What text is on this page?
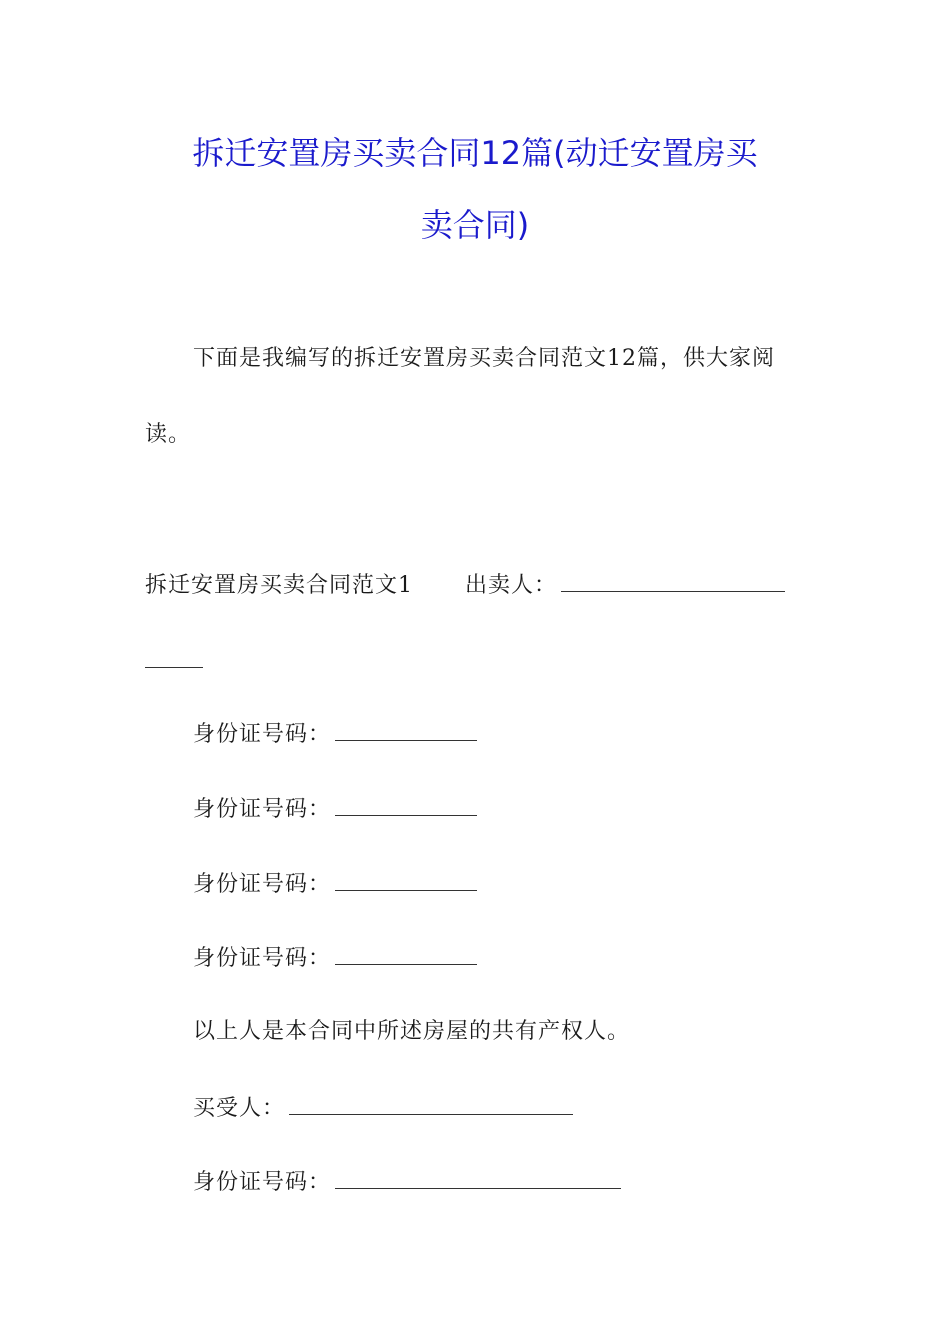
拆迁安置房买卖合同12篇(动迁安置房买
卖合同)
下面是我编写的拆迁安置房买卖合同范文12篇，供大家阅
读。
拆迁安置房买卖合同范文1 出卖人：
身份证号码：
身份证号码：
身份证号码：
身份证号码：
以上人是本合同中所述房屋的共有产权人。
买受人：
身份证号码：
